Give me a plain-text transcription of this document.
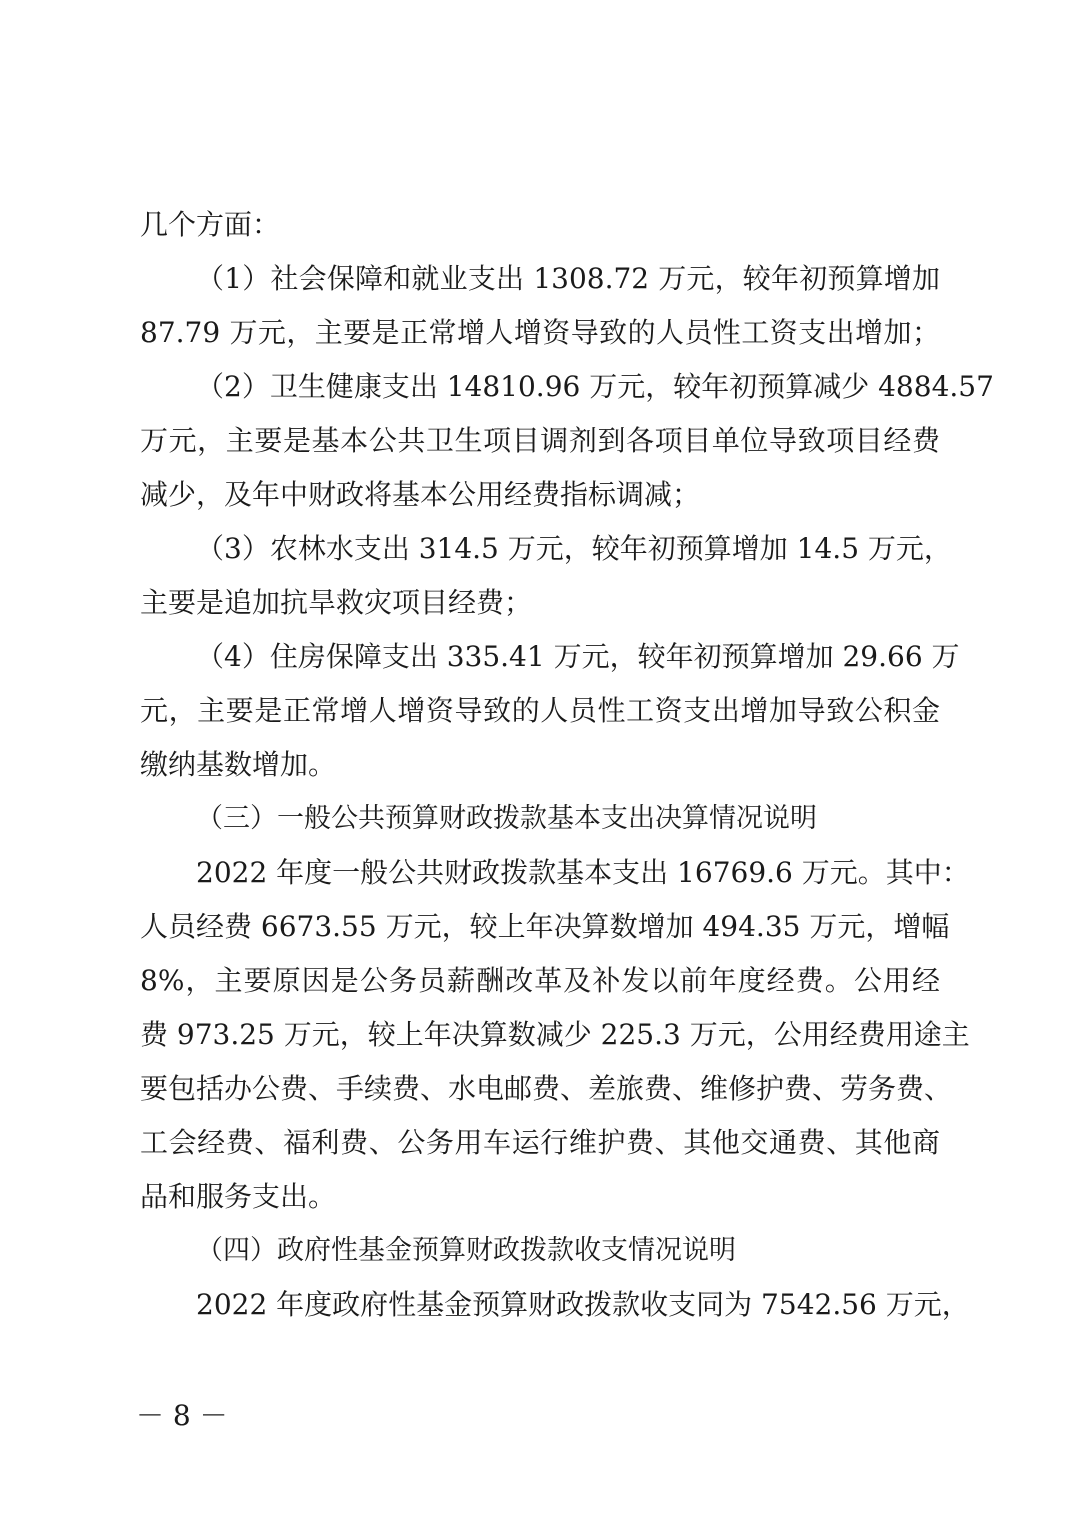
几个方面：
（1）社会保障和就业支出 1308.72 万元，较年初预算增加
87.79 万元，主要是正常增人增资导致的人员性工资支出增加；
（2）卫生健康支出 14810.96 万元，较年初预算减少 4884.57
万元，主要是基本公共卫生项目调剂到各项目单位导致项目经费
减少，及年中财政将基本公用经费指标调减；
（3）农林水支出 314.5 万元，较年初预算增加 14.5 万元，
主要是追加抗旱救灾项目经费；
（4）住房保障支出 335.41 万元，较年初预算增加 29.66 万
元，主要是正常增人增资导致的人员性工资支出增加导致公积金
缴纳基数增加。
（三）一般公共预算财政拨款基本支出决算情况说明
2022 年度一般公共财政拨款基本支出 16769.6 万元。其中：
人员经费 6673.55 万元，较上年决算数增加 494.35 万元，增幅
8%，主要原因是公务员薪酬改革及补发以前年度经费。公用经
费 973.25 万元，较上年决算数减少 225.3 万元，公用经费用途主
要包括办公费、手续费、水电邮费、差旅费、维修护费、劳务费、
工会经费、福利费、公务用车运行维护费、其他交通费、其他商
品和服务支出。
（四）政府性基金预算财政拨款收支情况说明
2022 年度政府性基金预算财政拨款收支同为 7542.56 万元，
－ 8 －
